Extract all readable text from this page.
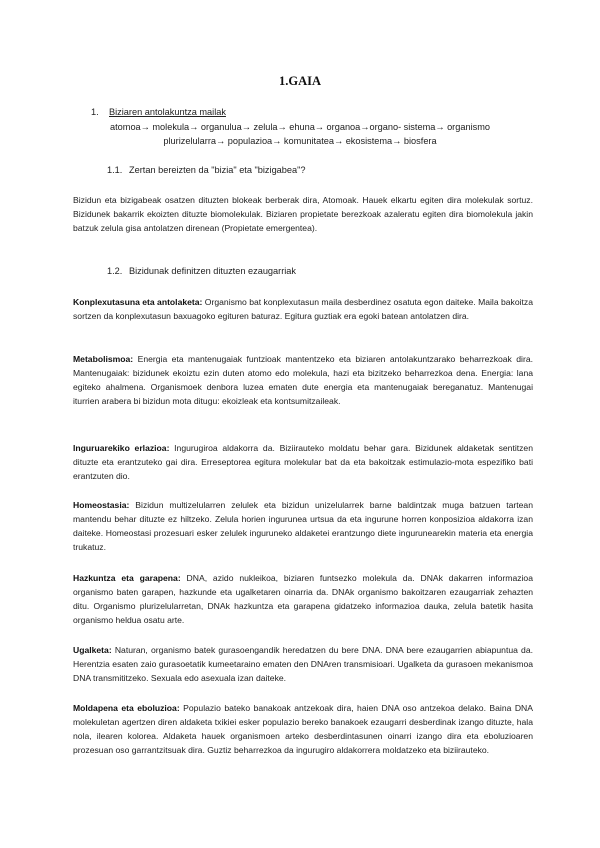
1.GAIA
1. Biziaren antolakuntza mailak
atomoa→ molekula→ organulua→ zelula→ ehuna→ organoa→organo- sistema→ organismo
plurizelularra→ populazioa→ komunitatea→ ekosistema→ biosfera
1.1. Zertan bereizten da "bizia" eta "bizigabea"?

Bizidun eta bizigabeak osatzen dituzten blokeak berberak dira, Atomoak. Hauek elkartu egiten dira molekulak sortuz. Bizidunek bakarrik ekoizten dituzte biomolekulak. Biziaren propietate berezkoak azaleratu egiten dira biomolekula jakin batzuk zelula gisa antolatzen direnean (Propietate emergentea).

1.2. Bizidunak definitzen dituzten ezaugarriak

Konplexutasuna eta antolaketa: Organismo bat konplexutasun maila desberdinez osatuta egon daiteke. Maila bakoitza sortzen da konplexutasun baxuagoko egituren baturaz. Egitura guztiak era egoki batean antolatzen dira.

Metabolismoa: Energia eta mantenugaiak funtzioak mantentzeko eta biziaren antolakuntzarako beharrezkoak dira. Mantenugaiak: bizidunek ekoiztu ezin duten atomo edo molekula, hazi eta bizitzeko beharrezkoa dena. Energia: lana egiteko ahalmena. Organismoek denbora luzea ematen dute energia eta mantenugaiak bereganatuz. Mantenugai iturrien arabera bi bizidun mota ditugu: ekoizleak eta kontsumitzaileak.

Inguruarekiko erlazioa: Ingurugiroa aldakorra da. Biziirauteko moldatu behar gara. Bizidunek aldaketak sentitzen dituzte eta erantzuteko gai dira. Erreseptorea egitura molekular bat da eta bakoitzak estimulazio-mota espezifiko bati erantzuten dio.

Homeostasia: Bizidun multizelularren zelulek eta bizidun unizelularrek barne baldintzak muga batzuen tartean mantendu behar dituzte ez hiltzeko. Zelula horien ingurunea urtsua da eta ingurune horren konposizioa aldakorra izan daiteke. Homeostasi prozesuari esker zelulek inguruneko aldaketei erantzungo diete ingurunearekin materia eta energia trukatuz.

Hazkuntza eta garapena: DNA, azido nukleikoa, biziaren funtsezko molekula da. DNAk dakarren informazioa organismo baten garapen, hazkunde eta ugalketaren oinarria da. DNAk organismo bakoitzaren ezaugarriak zehazten ditu. Organismo plurizelularretan, DNAk hazkuntza eta garapena gidatzeko informazioa dauka, zelula batetik hasita organismo heldua osatu arte.

Ugalketa: Naturan, organismo batek gurasoengandik heredatzen du bere DNA. DNA bere ezaugarrien abiapuntua da. Herentzia esaten zaio gurasoetatik kumeetaraino ematen den DNAren transmisioari. Ugalketa da gurasoen mekanismoa DNA transmititzeko. Sexuala edo asexuala izan daiteke.

Moldapena eta eboluzioa: Populazio bateko banakoak antzekoak dira, haien DNA oso antzekoa delako. Baina DNA molekuletan agertzen diren aldaketa txikiei esker populazio bereko banakoek ezaugarri desberdinak izango dituzte, hala nola, ilearen kolorea. Aldaketa hauek organismoen arteko desberdintasunen oinarri izango dira eta eboluzioaren prozesuan oso garrantzitsuak dira. Guztiz beharrezkoa da ingurugiro aldakorrera moldatzeko eta biziirauteko.
